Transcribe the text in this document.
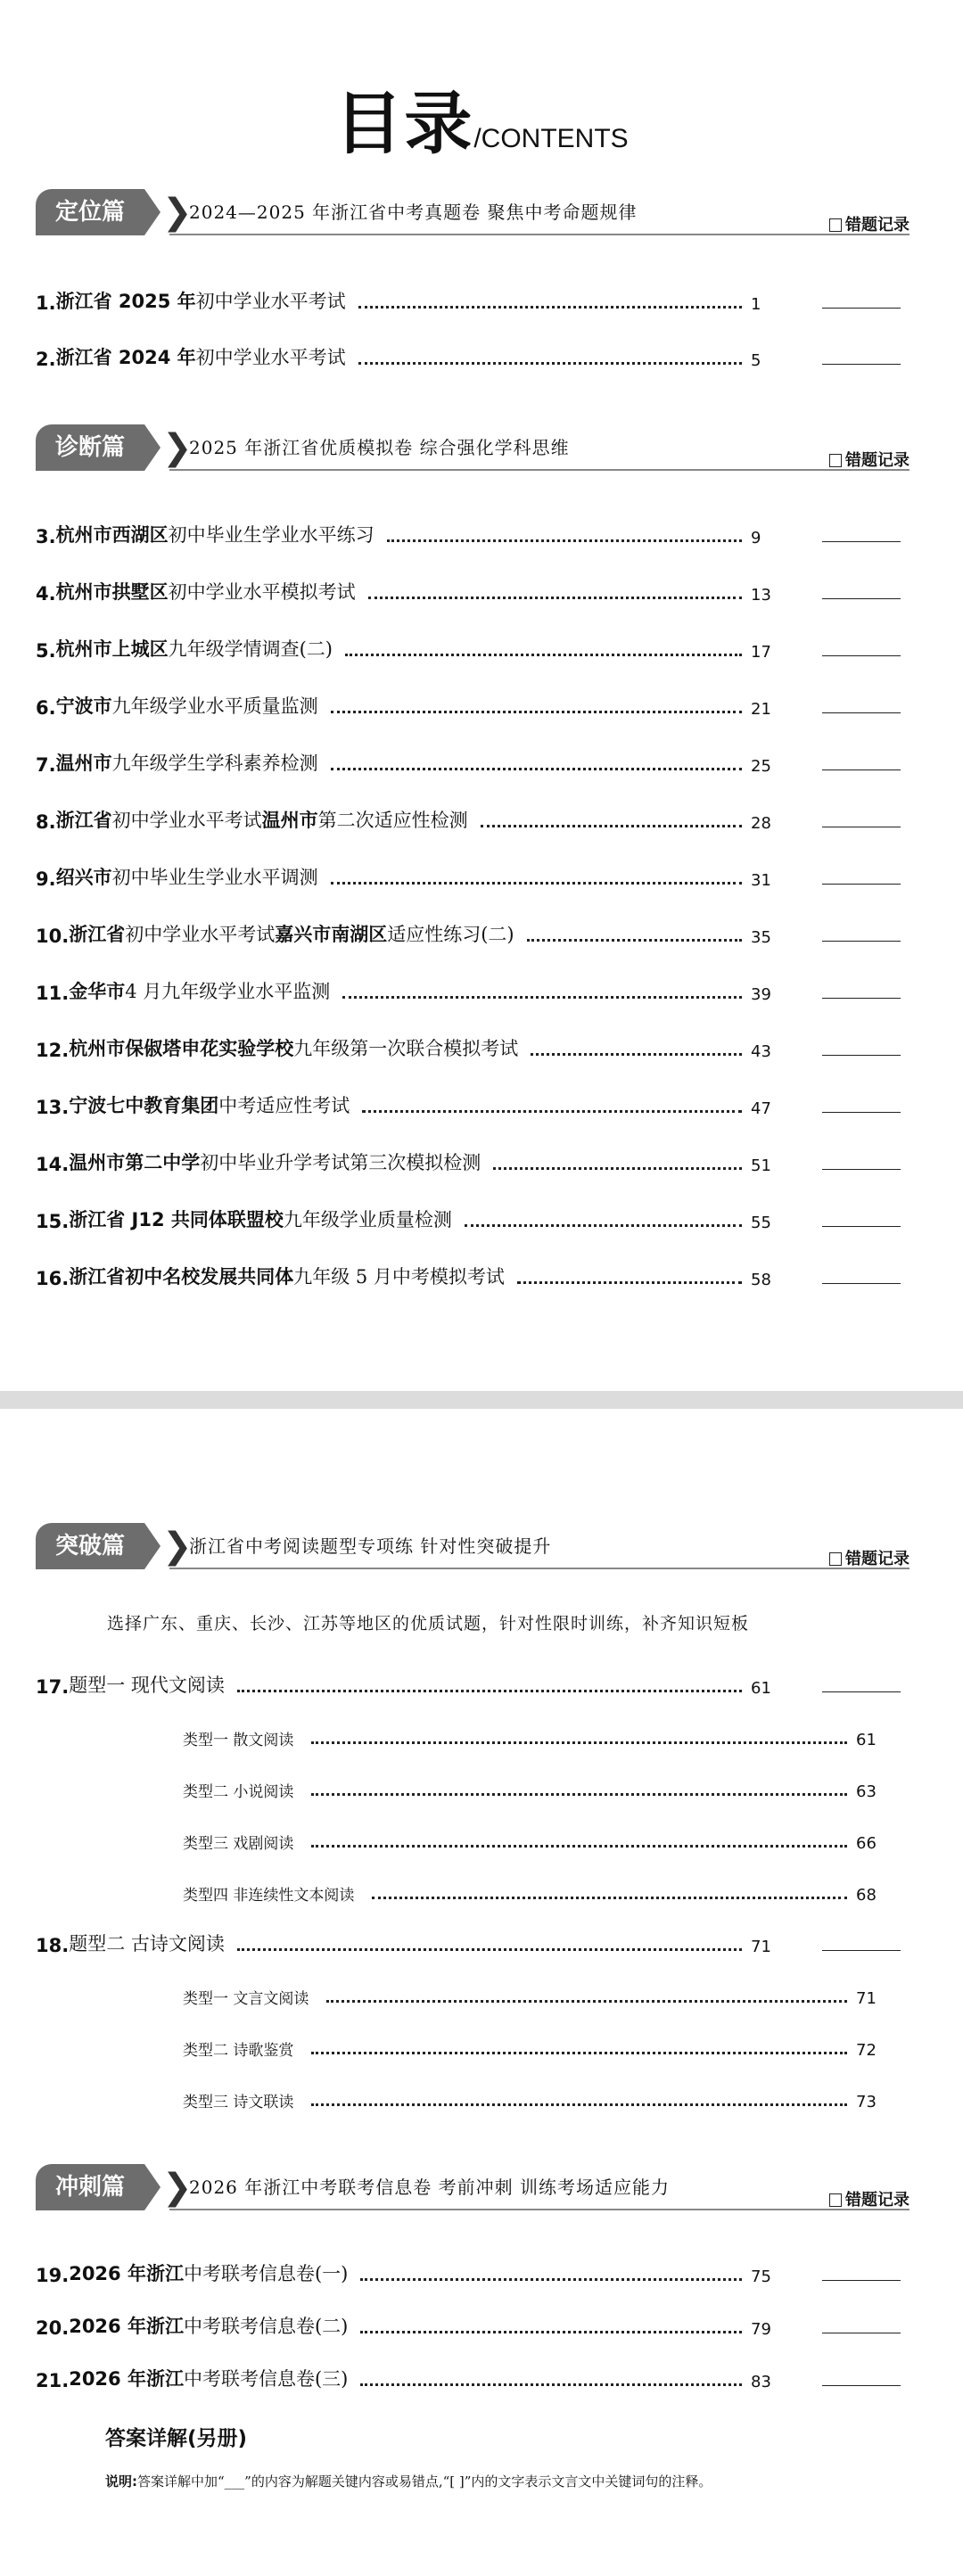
目录/CONTENTS
定位篇	❯
2024—2025 年浙江省中考真题卷 聚焦中考命题规律
错题记录
1. 浙江省 2025 年 初中学业水平考试	1
2. 浙江省 2024 年 初中学业水平考试	5
诊断篇	❯
2025 年浙江省优质模拟卷 综合强化学科思维
错题记录
3. 杭州市西湖区 初中毕业生学业水平练习	9
4. 杭州市拱墅区 初中学业水平模拟考试	13
5. 杭州市上城区 九年级学情调查(二)	17
6. 宁波市 九年级学业水平质量监测	21
7. 温州市 九年级学生学科素养检测	25
8. 浙江省 初中学业水平考试 温州市 第二次适应性检测	28
9. 绍兴市 初中毕业生学业水平调测	31
10. 浙江省 初中学业水平考试 嘉兴市南湖区 适应性练习(二)	35
11. 金华市 4 月九年级学业水平监测	39
12. 杭州市保俶塔申花实验学校 九年级第一次联合模拟考试	43
13. 宁波七中教育集团 中考适应性考试	47
14. 温州市第二中学 初中毕业升学考试第三次模拟检测	51
15. 浙江省 J12 共同体联盟校 九年级学业质量检测	55
16. 浙江省初中名校发展共同体 九年级 5 月中考模拟考试	58
突破篇	❯
浙江省中考阅读题型专项练 针对性突破提升
错题记录
选择广东、重庆、长沙、江苏等地区的优质试题，针对性限时训练，补齐知识短板
17. 题型一 现代文阅读	61
类型一 散文阅读	61
类型二 小说阅读	63
类型三 戏剧阅读	66
类型四 非连续性文本阅读	68
18. 题型二 古诗文阅读	71
类型一 文言文阅读	71
类型二 诗歌鉴赏	72
类型三 诗文联读	73
冲刺篇	❯
2026 年浙江中考联考信息卷 考前冲刺 训练考场适应能力
错题记录
19. 2026 年浙江 中考联考信息卷(一)	75
20. 2026 年浙江 中考联考信息卷(二)	79
21. 2026 年浙江 中考联考信息卷(三)	83
答案详解(另册)
说明:答案详解中加“___”的内容为解题关键内容或易错点,“[ ]”内的文字表示文言文中关键词句的注释。
